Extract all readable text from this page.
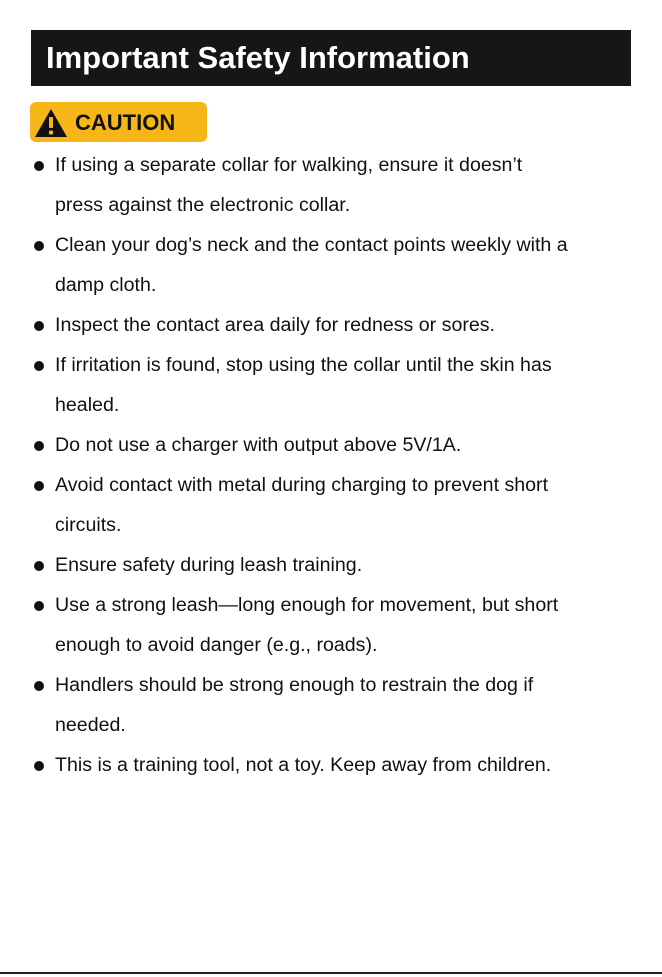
Important Safety Information
CAUTION
If using a separate collar for walking, ensure it doesn’t
press against the electronic collar.
Clean your dog’s neck and the contact points weekly with a
damp cloth.
Inspect the contact area daily for redness or sores.
If irritation is found, stop using the collar until the skin has
healed.
Do not use a charger with output above 5V/1A.
Avoid contact with metal during charging to prevent short
circuits.
Ensure safety during leash training.
Use a strong leash—long enough for movement, but short
enough to avoid danger (e.g., roads).
Handlers should be strong enough to restrain the dog if
needed.
This is a training tool, not a toy. Keep away from children.
